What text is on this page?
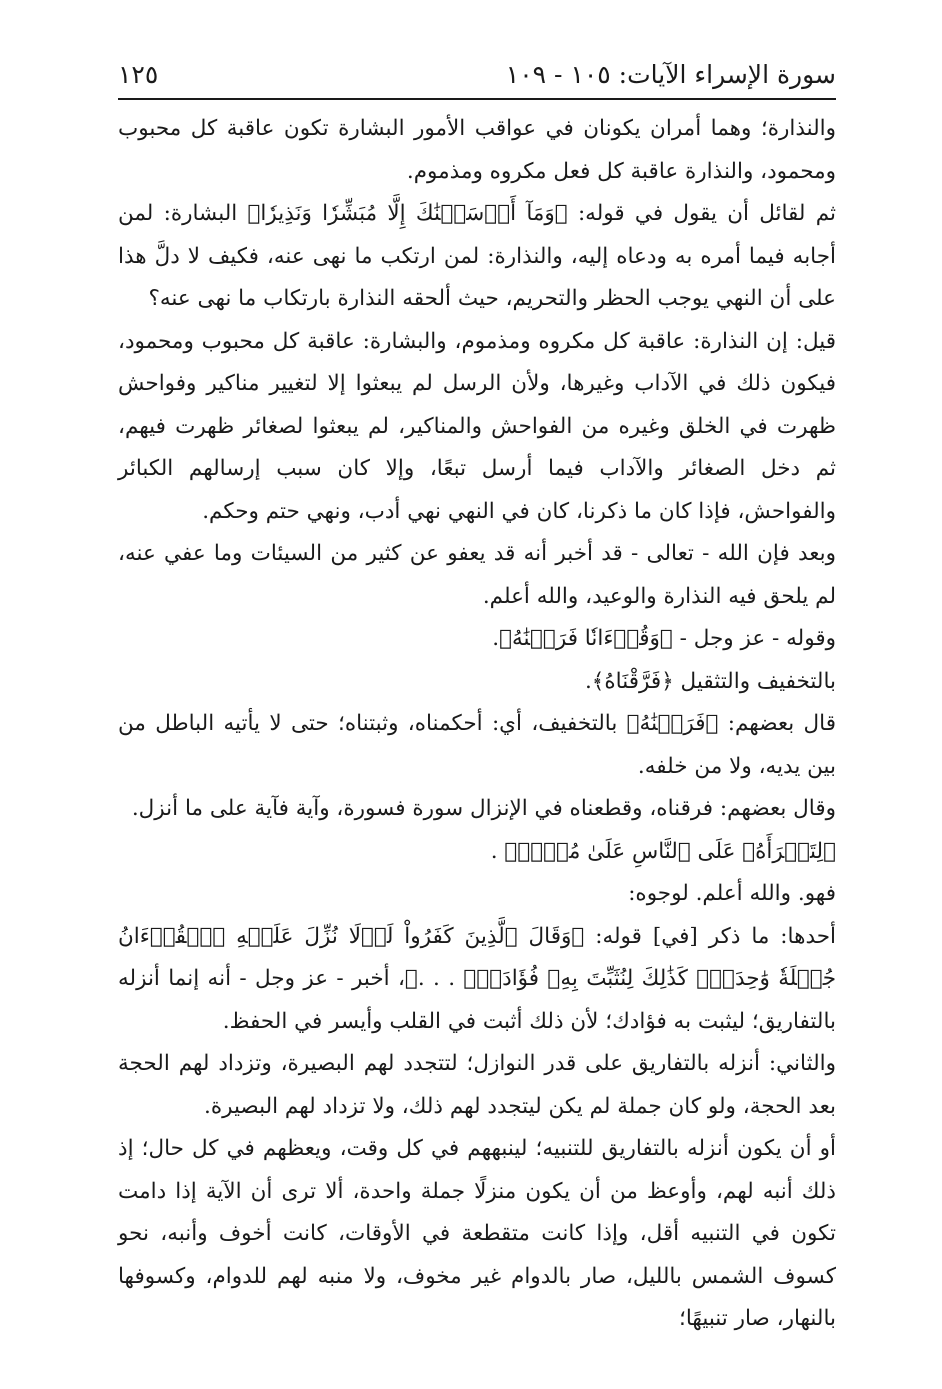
سورة الإسراء الآيات: ١٠٥ - ١٠٩
١٢٥

والنذارة؛ وهما أمران يكونان في عواقب الأمور البشارة تكون عاقبة كل محبوب ومحمود، والنذارة عاقبة كل فعل مكروه ومذموم.

ثم لقائل أن يقول في قوله: ﴿وَمَآ أَرۡسَلۡنَٰكَ إِلَّا مُبَشِّرٗا وَنَذِيرٗا﴾ البشارة: لمن أجابه فيما أمره به ودعاه إليه، والنذارة: لمن ارتكب ما نهى عنه، فكيف لا دلَّ هذا على أن النهي يوجب الحظر والتحريم، حيث ألحقه النذارة بارتكاب ما نهى عنه؟

قيل: إن النذارة: عاقبة كل مكروه ومذموم، والبشارة: عاقبة كل محبوب ومحمود، فيكون ذلك في الآداب وغيرها، ولأن الرسل لم يبعثوا إلا لتغيير مناكير وفواحش ظهرت في الخلق وغيره من الفواحش والمناكير، لم يبعثوا لصغائر ظهرت فيهم، ثم دخل الصغائر والآداب فيما أرسل تبعًا، وإلا كان سبب إرسالهم الكبائر والفواحش، فإذا كان ما ذكرنا، كان في النهي نهي أدب، ونهي حتم وحكم.

وبعد فإن الله - تعالى - قد أخبر أنه قد يعفو عن كثير من السيئات وما عفي عنه، لم يلحق فيه النذارة والوعيد، والله أعلم.

وقوله - عز وجل - ﴿وَقُرۡءَانٗا فَرَقۡنَٰهُ﴾.

بالتخفيف والتثقيل ﴿فَرَّقْنَاهُ﴾.

قال بعضهم: ﴿فَرَقۡنَٰهُ﴾ بالتخفيف، أي: أحكمناه، وثبتناه؛ حتى لا يأتيه الباطل من بين يديه، ولا من خلفه.

وقال بعضهم: فرقناه، وقطعناه في الإنزال سورة فسورة، وآية فآية على ما أنزل.

﴿لِتَقۡرَأَهُۥ عَلَى ٱلنَّاسِ عَلَىٰ مُكۡثٖ﴾ .

فهو. والله أعلم. لوجوه:

أحدها: ما ذكر [في] قوله: ﴿وَقَالَ ٱلَّذِينَ كَفَرُواْ لَوۡلَا نُزِّلَ عَلَيۡهِ ٱلۡقُرۡءَانُ جُمۡلَةٗ وَٰحِدَةٗۚ كَذَٰلِكَ لِنُثَبِّتَ بِهِۦ فُؤَادَكَۖ . . .﴾، أخبر - عز وجل - أنه إنما أنزله بالتفاريق؛ ليثبت به فؤادك؛ لأن ذلك أثبت في القلب وأيسر في الحفظ.

والثاني: أنزله بالتفاريق على قدر النوازل؛ لتتجدد لهم البصيرة، وتزداد لهم الحجة بعد الحجة، ولو كان جملة لم يكن ليتجدد لهم ذلك، ولا تزداد لهم البصيرة.

أو أن يكون أنزله بالتفاريق للتنبيه؛ لينبههم في كل وقت، ويعظهم في كل حال؛ إذ ذلك أنبه لهم، وأوعظ من أن يكون منزلًا جملة واحدة، ألا ترى أن الآية إذا دامت تكون في التنبيه أقل، وإذا كانت متقطعة في الأوقات، كانت أخوف وأنبه، نحو كسوف الشمس بالليل، صار بالدوام غير مخوف، ولا منبه لهم للدوام، وكسوفها بالنهار، صار تنبيهًا؛
